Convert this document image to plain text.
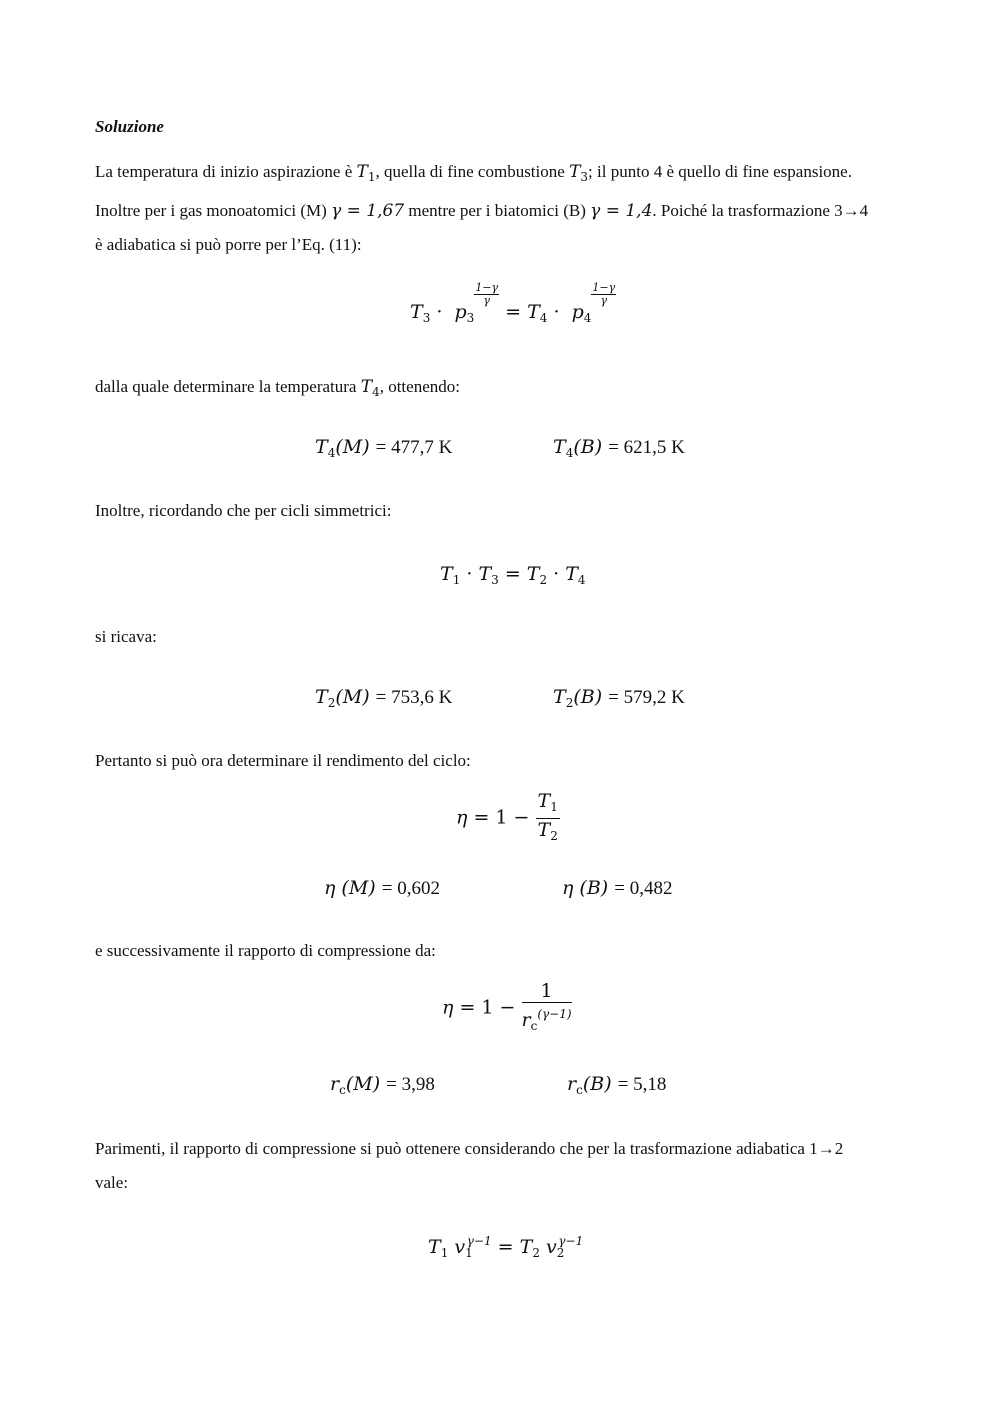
Soluzione

La temperatura di inizio aspirazione è $T_1$, quella di fine combustione $T_3$; il punto 4 è quello di fine espansione.
Inoltre per i gas monoatomici (M) γ = 1,67 mentre per i biatomici (B) γ = 1,4. Poiché la trasformazione 3→4
è adiabatica si può porre per l’Eq. (11):

$T_3 \cdot p_3$
$\frac{1-\gamma}{\gamma}$
= $T_4 \cdot p_4$
$\frac{1-\gamma}{\gamma}$

dalla quale determinare la temperatura $T_4$, ottenendo:

$T_4(M) = 477,7$ K	$T_4(B) = 621,5$ K

Inoltre, ricordando che per cicli simmetrici:

$T_1 \cdot T_3 = T_2 \cdot T_4$

si ricava:

$T_2(M) = 753,6$ K	$T_2(B) = 579,2$ K

Pertanto si può ora determinare il rendimento del ciclo:

$\eta = 1 - \frac{T_1}{T_2}$
η (M) = 0,602	η (B) = 0,482

e successivamente il rapporto di compressione da:

$\eta = 1 - \frac{1}{r_c^{(\gamma-1)}}$
$r_c(M) = 3,98$	$r_c(B) = 5,18$

Parimenti, il rapporto di compressione si può ottenere considerando che per la trasformazione adiabatica 1→2
vale:

$T_1$ $v_1^{\gamma-1} = T_2$ $v_2^{\gamma-1}$
